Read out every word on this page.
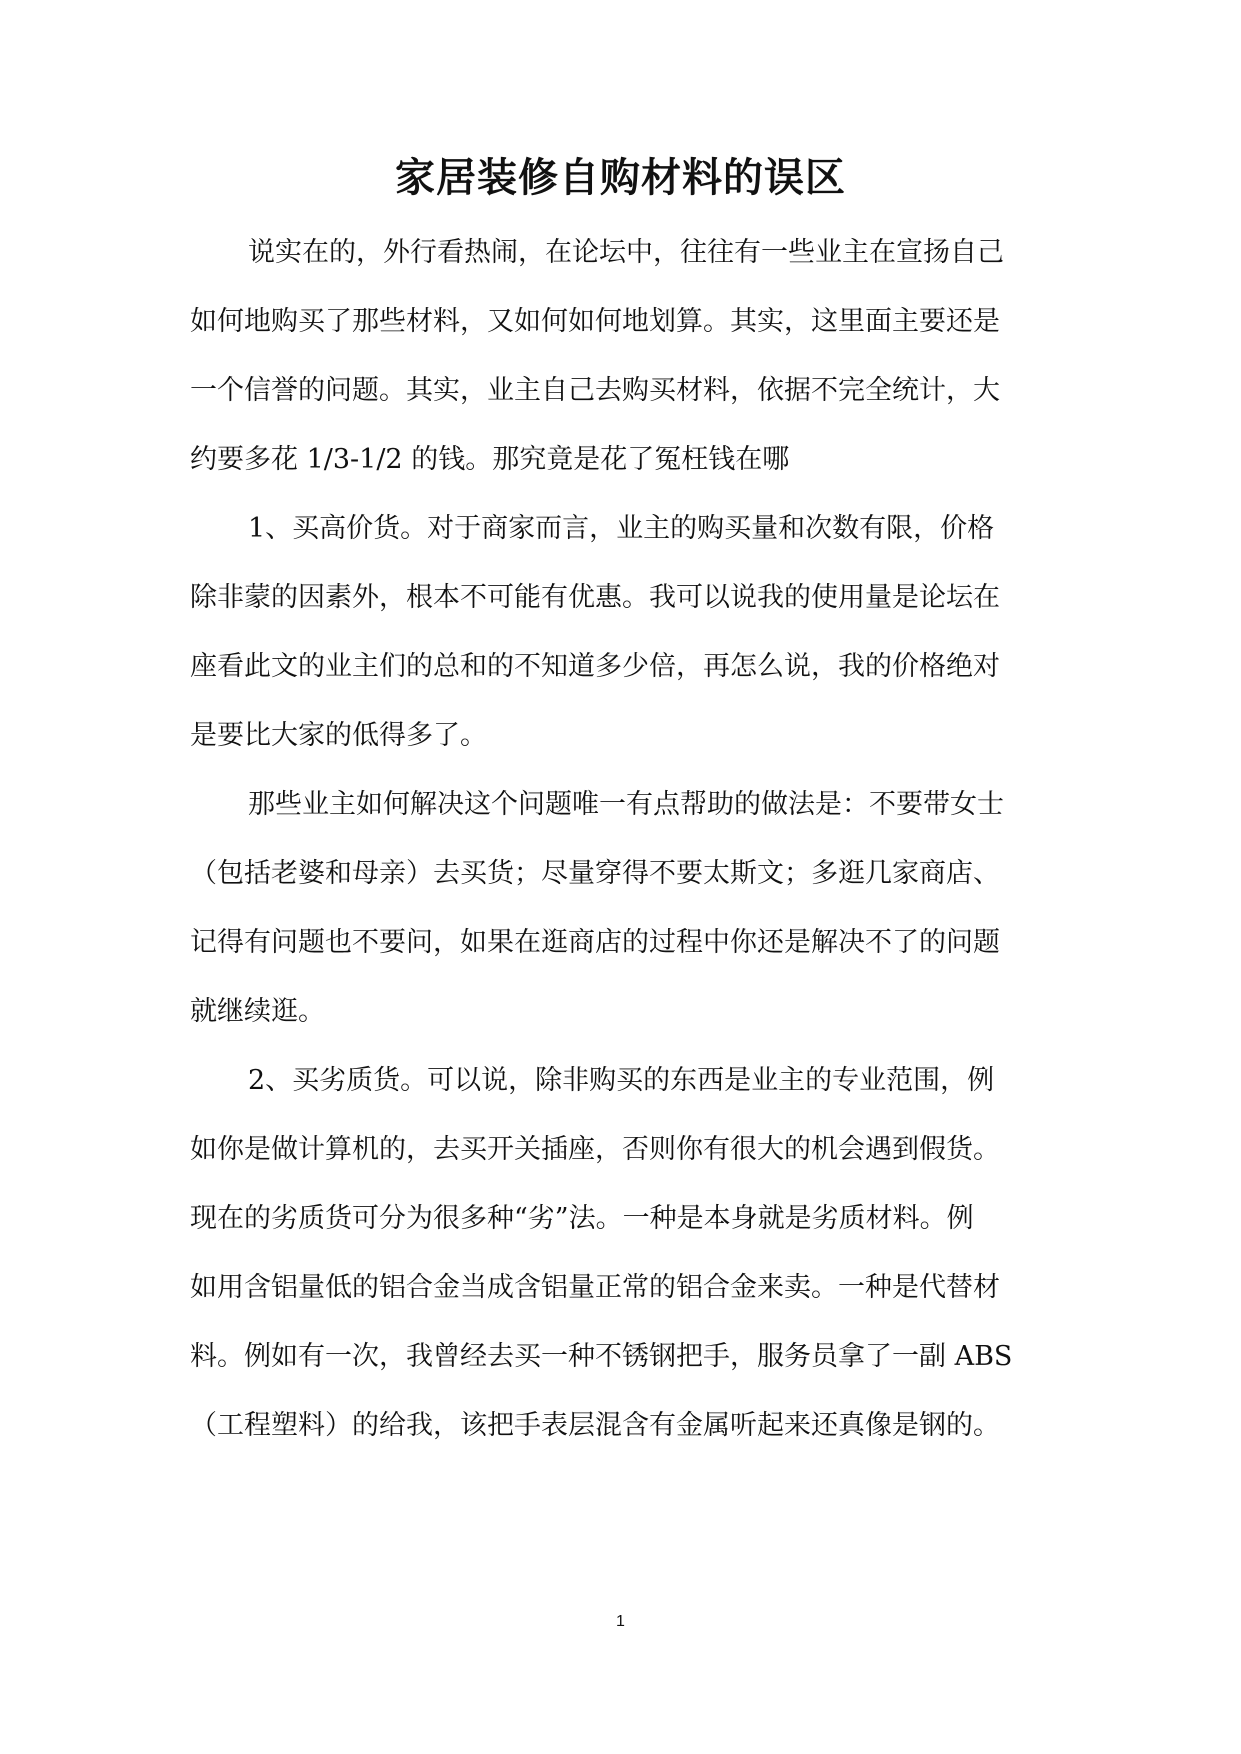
家居装修自购材料的误区
说实在的，外行看热闹，在论坛中，往往有一些业主在宣扬自己
如何地购买了那些材料，又如何如何地划算。其实，这里面主要还是
一个信誉的问题。其实，业主自己去购买材料，依据不完全统计，大
约要多花 1/3-1/2 的钱。那究竟是花了冤枉钱在哪
1、买高价货。对于商家而言，业主的购买量和次数有限，价格
除非蒙的因素外，根本不可能有优惠。我可以说我的使用量是论坛在
座看此文的业主们的总和的不知道多少倍，再怎么说，我的价格绝对
是要比大家的低得多了。
那些业主如何解决这个问题唯一有点帮助的做法是：不要带女士
（包括老婆和母亲）去买货；尽量穿得不要太斯文；多逛几家商店、
记得有问题也不要问，如果在逛商店的过程中你还是解决不了的问题
就继续逛。
2、买劣质货。可以说，除非购买的东西是业主的专业范围，例
如你是做计算机的，去买开关插座，否则你有很大的机会遇到假货。
现在的劣质货可分为很多种“劣”法。一种是本身就是劣质材料。例
如用含铝量低的铝合金当成含铝量正常的铝合金来卖。一种是代替材
料。例如有一次，我曾经去买一种不锈钢把手，服务员拿了一副 ABS
（工程塑料）的给我，该把手表层混含有金属听起来还真像是钢的。
1
